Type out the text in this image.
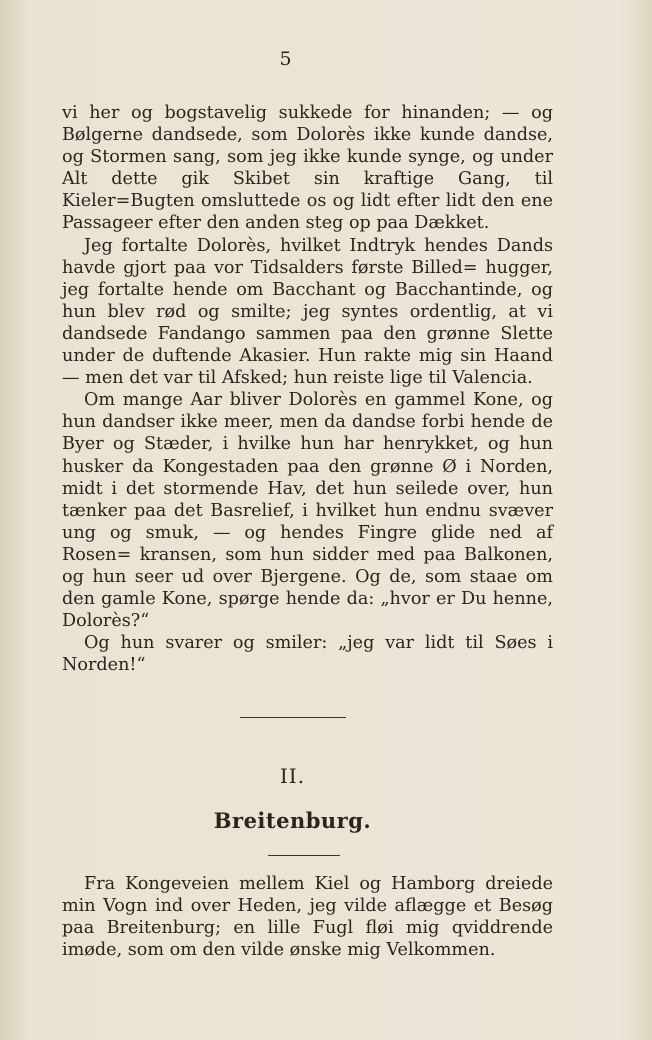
5

vi her og bogstavelig sukkede for hinanden; — og Bølgerne dandsede, som Dolorès ikke kunde dandse, og Stormen sang, som jeg ikke kunde synge, og under Alt dette gik Skibet sin kraftige Gang, til Kieler=Bugten omsluttede os og lidt efter lidt den ene Passageer efter den anden steg op paa Dækket.

Jeg fortalte Dolorès, hvilket Indtryk hendes Dands havde gjort paa vor Tidsalders første Billed= hugger, jeg fortalte hende om Bacchant og Bacchantinde, og hun blev rød og smilte; jeg syntes ordentlig, at vi dandsede Fandango sammen paa den grønne Slette under de duftende Akasier. Hun rakte mig sin Haand — men det var til Afsked; hun reiste lige til Valencia.

Om mange Aar bliver Dolorès en gammel Kone, og hun dandser ikke meer, men da dandse forbi hende de Byer og Stæder, i hvilke hun har henrykket, og hun husker da Kongestaden paa den grønne Ø i Norden, midt i det stormende Hav, det hun seilede over, hun tænker paa det Basrelief, i hvilket hun endnu svæver ung og smuk, — og hendes Fingre glide ned af Rosen= kransen, som hun sidder med paa Balkonen, og hun seer ud over Bjergene. Og de, som staae om den gamle Kone, spørge hende da: „hvor er Du henne, Dolorès?“

Og hun svarer og smiler: „jeg var lidt til Søes i Norden!“

II.
Breitenburg.

Fra Kongeveien mellem Kiel og Hamborg dreiede min Vogn ind over Heden, jeg vilde aflægge et Besøg paa Breitenburg; en lille Fugl fløi mig qviddrende imøde, som om den vilde ønske mig Velkommen.
